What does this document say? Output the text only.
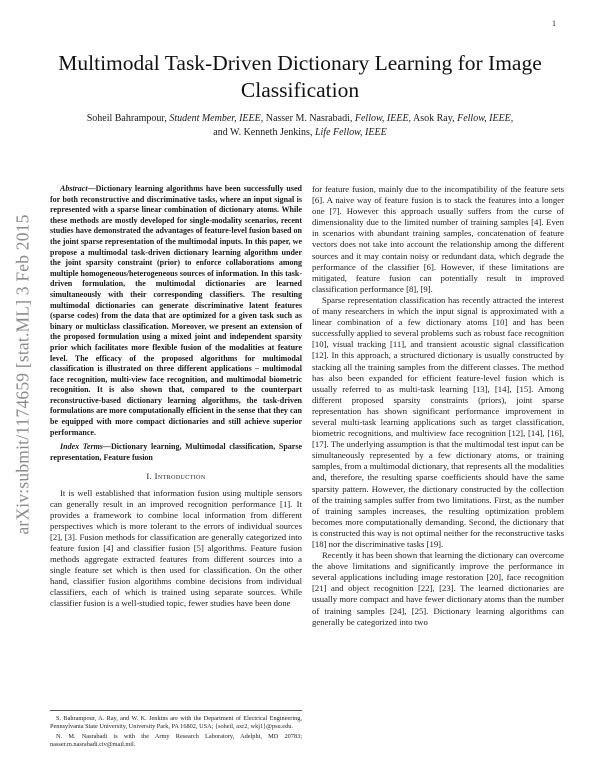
1
Multimodal Task-Driven Dictionary Learning for Image Classification
Soheil Bahrampour, Student Member, IEEE, Nasser M. Nasrabadi, Fellow, IEEE, Asok Ray, Fellow, IEEE,
and W. Kenneth Jenkins, Life Fellow, IEEE
arXiv:submit/1174659 [stat.ML] 3 Feb 2015

Abstract—Dictionary learning algorithms have been successfully used for both reconstructive and discriminative tasks, where an input signal is represented with a sparse linear combination of dictionary atoms. While these methods are mostly developed for single-modality scenarios, recent studies have demonstrated the advantages of feature-level fusion based on the joint sparse representation of the multimodal inputs. In this paper, we propose a multimodal task-driven dictionary learning algorithm under the joint sparsity constraint (prior) to enforce collaborations among multiple homogeneous/heterogeneous sources of information. In this task-driven formulation, the multimodal dictionaries are learned simultaneously with their corresponding classifiers. The resulting multimodal dictionaries can generate discriminative latent features (sparse codes) from the data that are optimized for a given task such as binary or multiclass classification. Moreover, we present an extension of the proposed formulation using a mixed joint and independent sparsity prior which facilitates more flexible fusion of the modalities at feature level. The efficacy of the proposed algorithms for multimodal classification is illustrated on three different applications – multimodal face recognition, multi-view face recognition, and multimodal biometric recognition. It is also shown that, compared to the counterpart reconstructive-based dictionary learning algorithms, the task-driven formulations are more computationally efficient in the sense that they can be equipped with more compact dictionaries and still achieve superior performance.

Index Terms—Dictionary learning, Multimodal classification, Sparse representation, Feature fusion

I. Introduction

It is well established that information fusion using multiple sensors can generally result in an improved recognition performance [1]. It provides a framework to combine local information from different perspectives which is more tolerant to the errors of individual sources [2], [3]. Fusion methods for classification are generally categorized into feature fusion [4] and classifier fusion [5] algorithms. Feature fusion methods aggregate extracted features from different sources into a single feature set which is then used for classification. On the other hand, classifier fusion algorithms combine decisions from individual classifiers, each of which is trained using separate sources. While classifier fusion is a well-studied topic, fewer studies have been done

S. Bahrampour, A. Ray, and W. K. Jenkins are with the Department of Electrical Engineering, Pennsylvania State University, University Park, PA 16802, USA; {soheil, axr2, wkj1}@psu.edu.

N. M. Nasrabadi is with the Army Research Laboratory, Adelphi, MD 20783; nasser.m.nasrabadi.civ@mail.mil.

for feature fusion, mainly due to the incompatibility of the feature sets [6]. A naive way of feature fusion is to stack the features into a longer one [7]. However this approach usually suffers from the curse of dimensionality due to the limited number of training samples [4]. Even in scenarios with abundant training samples, concatenation of feature vectors does not take into account the relationship among the different sources and it may contain noisy or redundant data, which degrade the performance of the classifier [6]. However, if these limitations are mitigated, feature fusion can potentially result in improved classification performance [8], [9].

Sparse representation classification has recently attracted the interest of many researchers in which the input signal is approximated with a linear combination of a few dictionary atoms [10] and has been successfully applied to several problems such as robust face recognition [10], visual tracking [11], and transient acoustic signal classification [12]. In this approach, a structured dictionary is usually constructed by stacking all the training samples from the different classes. The method has also been expanded for efficient feature-level fusion which is usually referred to as multi-task learning [13], [14], [15]. Among different proposed sparsity constraints (priors), joint sparse representation has shown significant performance improvement in several multi-task learning applications such as target classification, biometric recognitions, and multiview face recognition [12], [14], [16], [17]. The underlying assumption is that the multimodal test input can be simultaneously represented by a few dictionary atoms, or training samples, from a multimodal dictionary, that represents all the modalities and, therefore, the resulting sparse coefficients should have the same sparsity pattern. However, the dictionary constructed by the collection of the training samples suffer from two limitations. First, as the number of training samples increases, the resulting optimization problem becomes more computationally demanding. Second, the dictionary that is constructed this way is not optimal neither for the reconstructive tasks [18] nor the discriminative tasks [19].

Recently it has been shown that learning the dictionary can overcome the above limitations and significantly improve the performance in several applications including image restoration [20], face recognition [21] and object recognition [22], [23]. The learned dictionaries are usually more compact and have fewer dictionary atoms than the number of training samples [24], [25]. Dictionary learning algorithms can generally be categorized into two
